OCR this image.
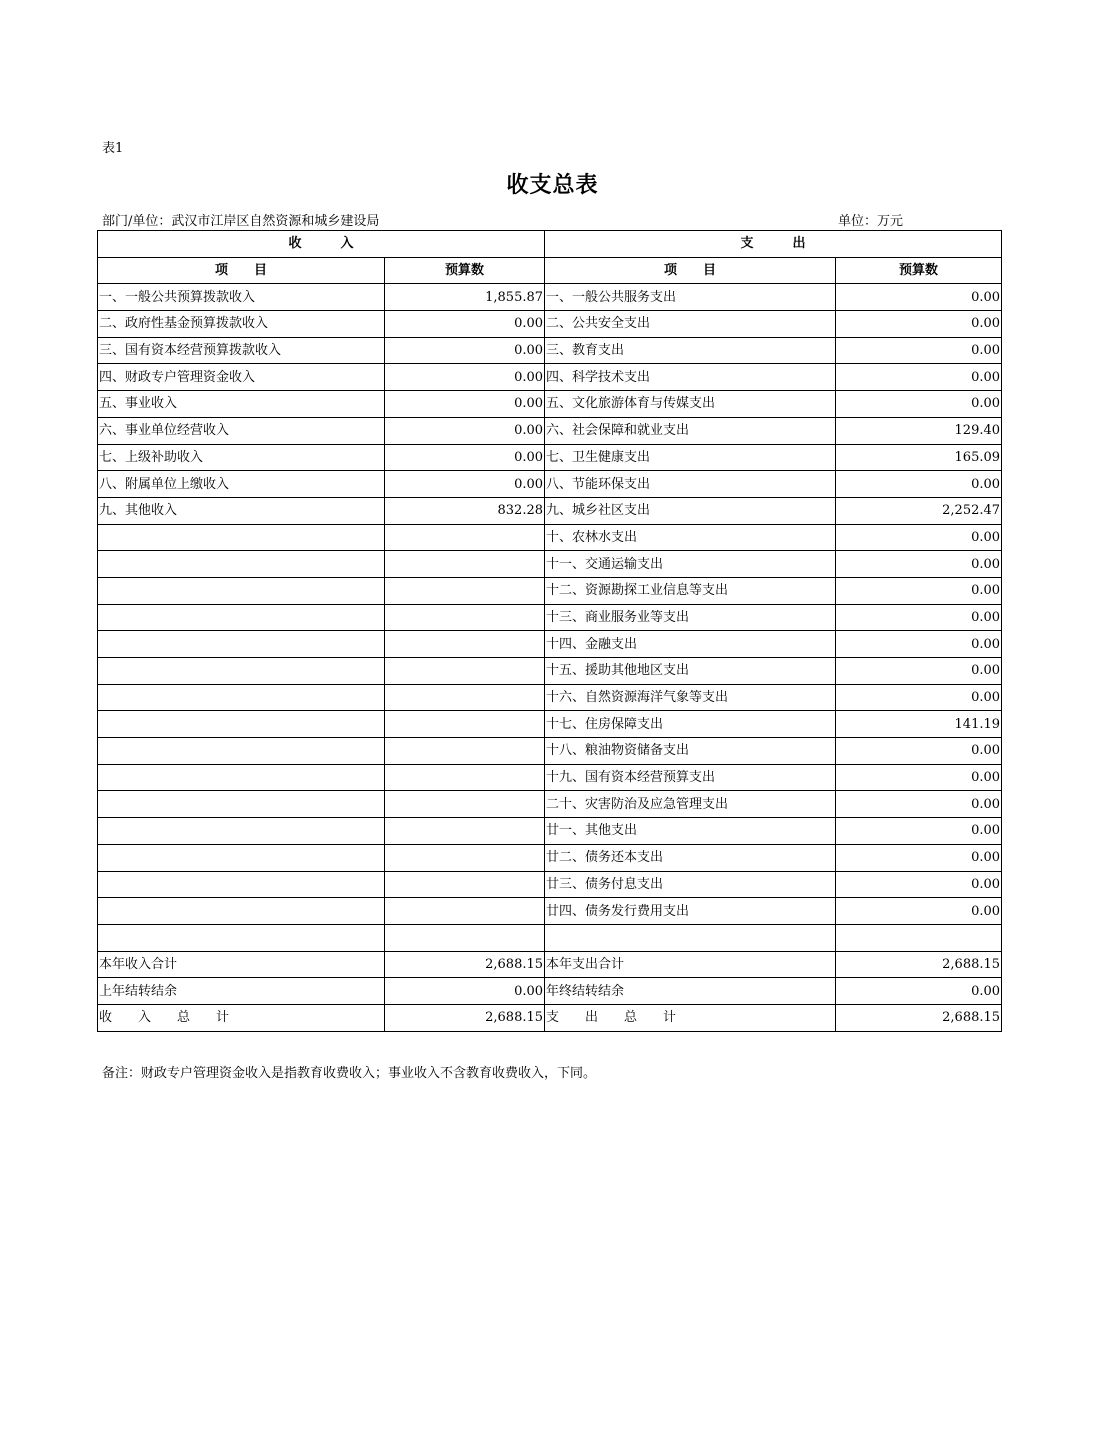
表1
收支总表
部门/单位：武汉市江岸区自然资源和城乡建设局	单位：万元
收　　　入		支　　　出	
项　　目	预算数	项　　目	预算数
一、一般公共预算拨款收入	1,855.87	一、一般公共服务支出	0.00
二、政府性基金预算拨款收入	0.00	二、公共安全支出	0.00
三、国有资本经营预算拨款收入	0.00	三、教育支出	0.00
四、财政专户管理资金收入	0.00	四、科学技术支出	0.00
五、事业收入	0.00	五、文化旅游体育与传媒支出	0.00
六、事业单位经营收入	0.00	六、社会保障和就业支出	129.40
七、上级补助收入	0.00	七、卫生健康支出	165.09
八、附属单位上缴收入	0.00	八、节能环保支出	0.00
九、其他收入	832.28	九、城乡社区支出	2,252.47
		十、农林水支出	0.00
		十一、交通运输支出	0.00
		十二、资源勘探工业信息等支出	0.00
		十三、商业服务业等支出	0.00
		十四、金融支出	0.00
		十五、援助其他地区支出	0.00
		十六、自然资源海洋气象等支出	0.00
		十七、住房保障支出	141.19
		十八、粮油物资储备支出	0.00
		十九、国有资本经营预算支出	0.00
		二十、灾害防治及应急管理支出	0.00
		廿一、其他支出	0.00
		廿二、债务还本支出	0.00
		廿三、债务付息支出	0.00
		廿四、债务发行费用支出	0.00

本年收入合计	2,688.15	本年支出合计	2,688.15
上年结转结余	0.00	年终结转结余	0.00
收　　入　　总　　计	2,688.15	支　　出　　总　　计	2,688.15
备注：财政专户管理资金收入是指教育收费收入；事业收入不含教育收费收入，下同。
